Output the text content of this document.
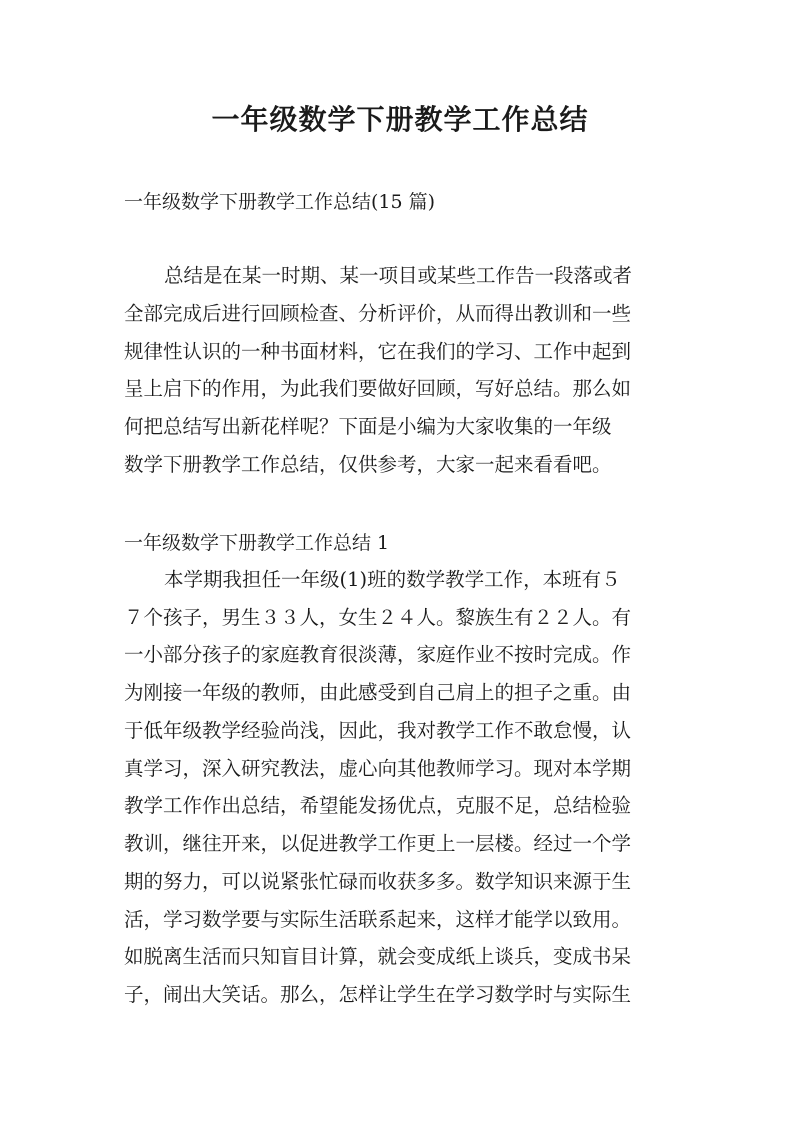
一年级数学下册教学工作总结

一年级数学下册教学工作总结(15 篇)

总结是在某一时期、某一项目或某些工作告一段落或者

全部完成后进行回顾检查、分析评价，从而得出教训和一些

规律性认识的一种书面材料，它在我们的学习、工作中起到

呈上启下的作用，为此我们要做好回顾，写好总结。那么如

何把总结写出新花样呢？下面是小编为大家收集的一年级

数学下册教学工作总结，仅供参考，大家一起来看看吧。

一年级数学下册教学工作总结 1

本学期我担任一年级(1)班的数学教学工作，本班有５

７个孩子，男生３３人，女生２４人。黎族生有２２人。有

一小部分孩子的家庭教育很淡薄，家庭作业不按时完成。作

为刚接一年级的教师，由此感受到自己肩上的担子之重。由

于低年级教学经验尚浅，因此，我对教学工作不敢怠慢，认

真学习，深入研究教法，虚心向其他教师学习。现对本学期

教学工作作出总结，希望能发扬优点，克服不足，总结检验

教训，继往开来，以促进教学工作更上一层楼。经过一个学

期的努力，可以说紧张忙碌而收获多多。数学知识来源于生

活，学习数学要与实际生活联系起来，这样才能学以致用。

如脱离生活而只知盲目计算，就会变成纸上谈兵，变成书呆

子，闹出大笑话。那么，怎样让学生在学习数学时与实际生
